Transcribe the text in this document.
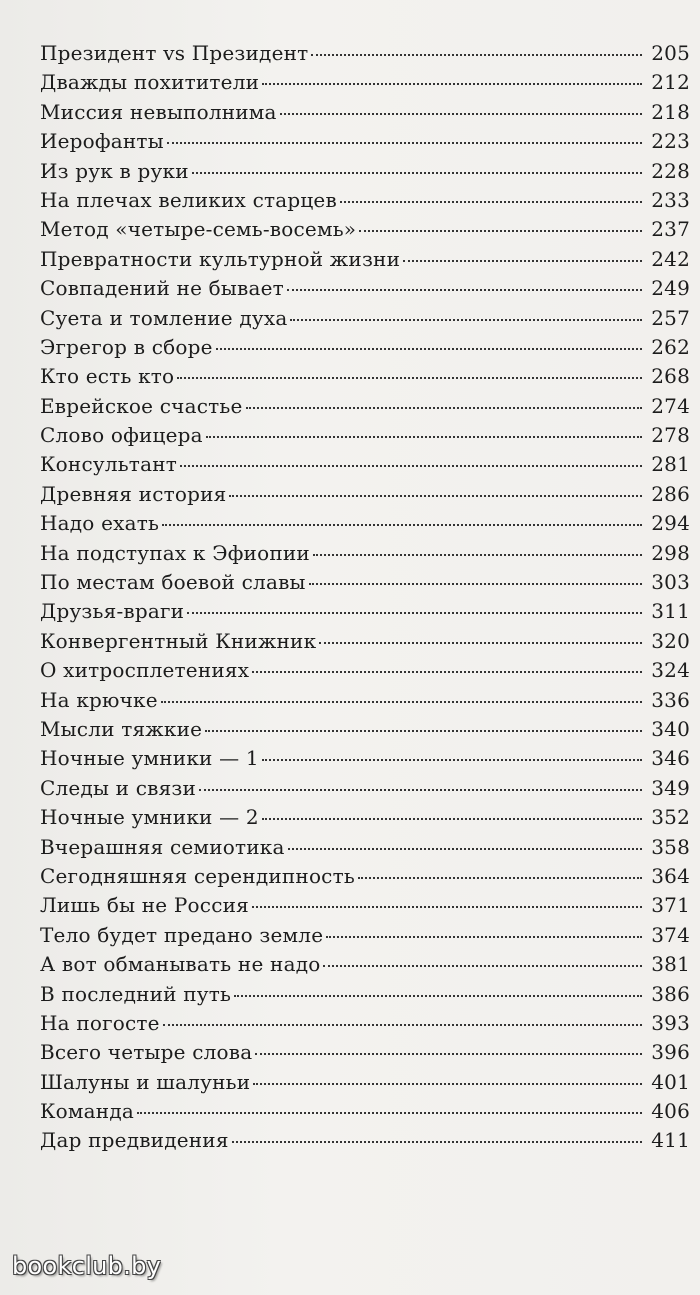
Президент vs Президент	205
Дважды похитители	212
Миссия невыполнима	218
Иерофанты	223
Из рук в руки	228
На плечах великих старцев	233
Метод «четыре-семь-восемь»	237
Превратности культурной жизни	242
Совпадений не бывает	249
Суета и томление духа	257
Эгрегор в сборе	262
Кто есть кто	268
Еврейское счастье	274
Слово офицера	278
Консультант	281
Древняя история	286
Надо ехать	294
На подступах к Эфиопии	298
По местам боевой славы	303
Друзья-враги	311
Конвергентный Книжник	320
О хитросплетениях	324
На крючке	336
Мысли тяжкие	340
Ночные умники — 1	346
Следы и связи	349
Ночные умники — 2	352
Вчерашняя семиотика	358
Сегодняшняя серендипность	364
Лишь бы не Россия	371
Тело будет предано земле	374
А вот обманывать не надо	381
В последний путь	386
На погосте	393
Всего четыре слова	396
Шалуны и шалуньи	401
Команда	406
Дар предвидения	411
bookclub.by
